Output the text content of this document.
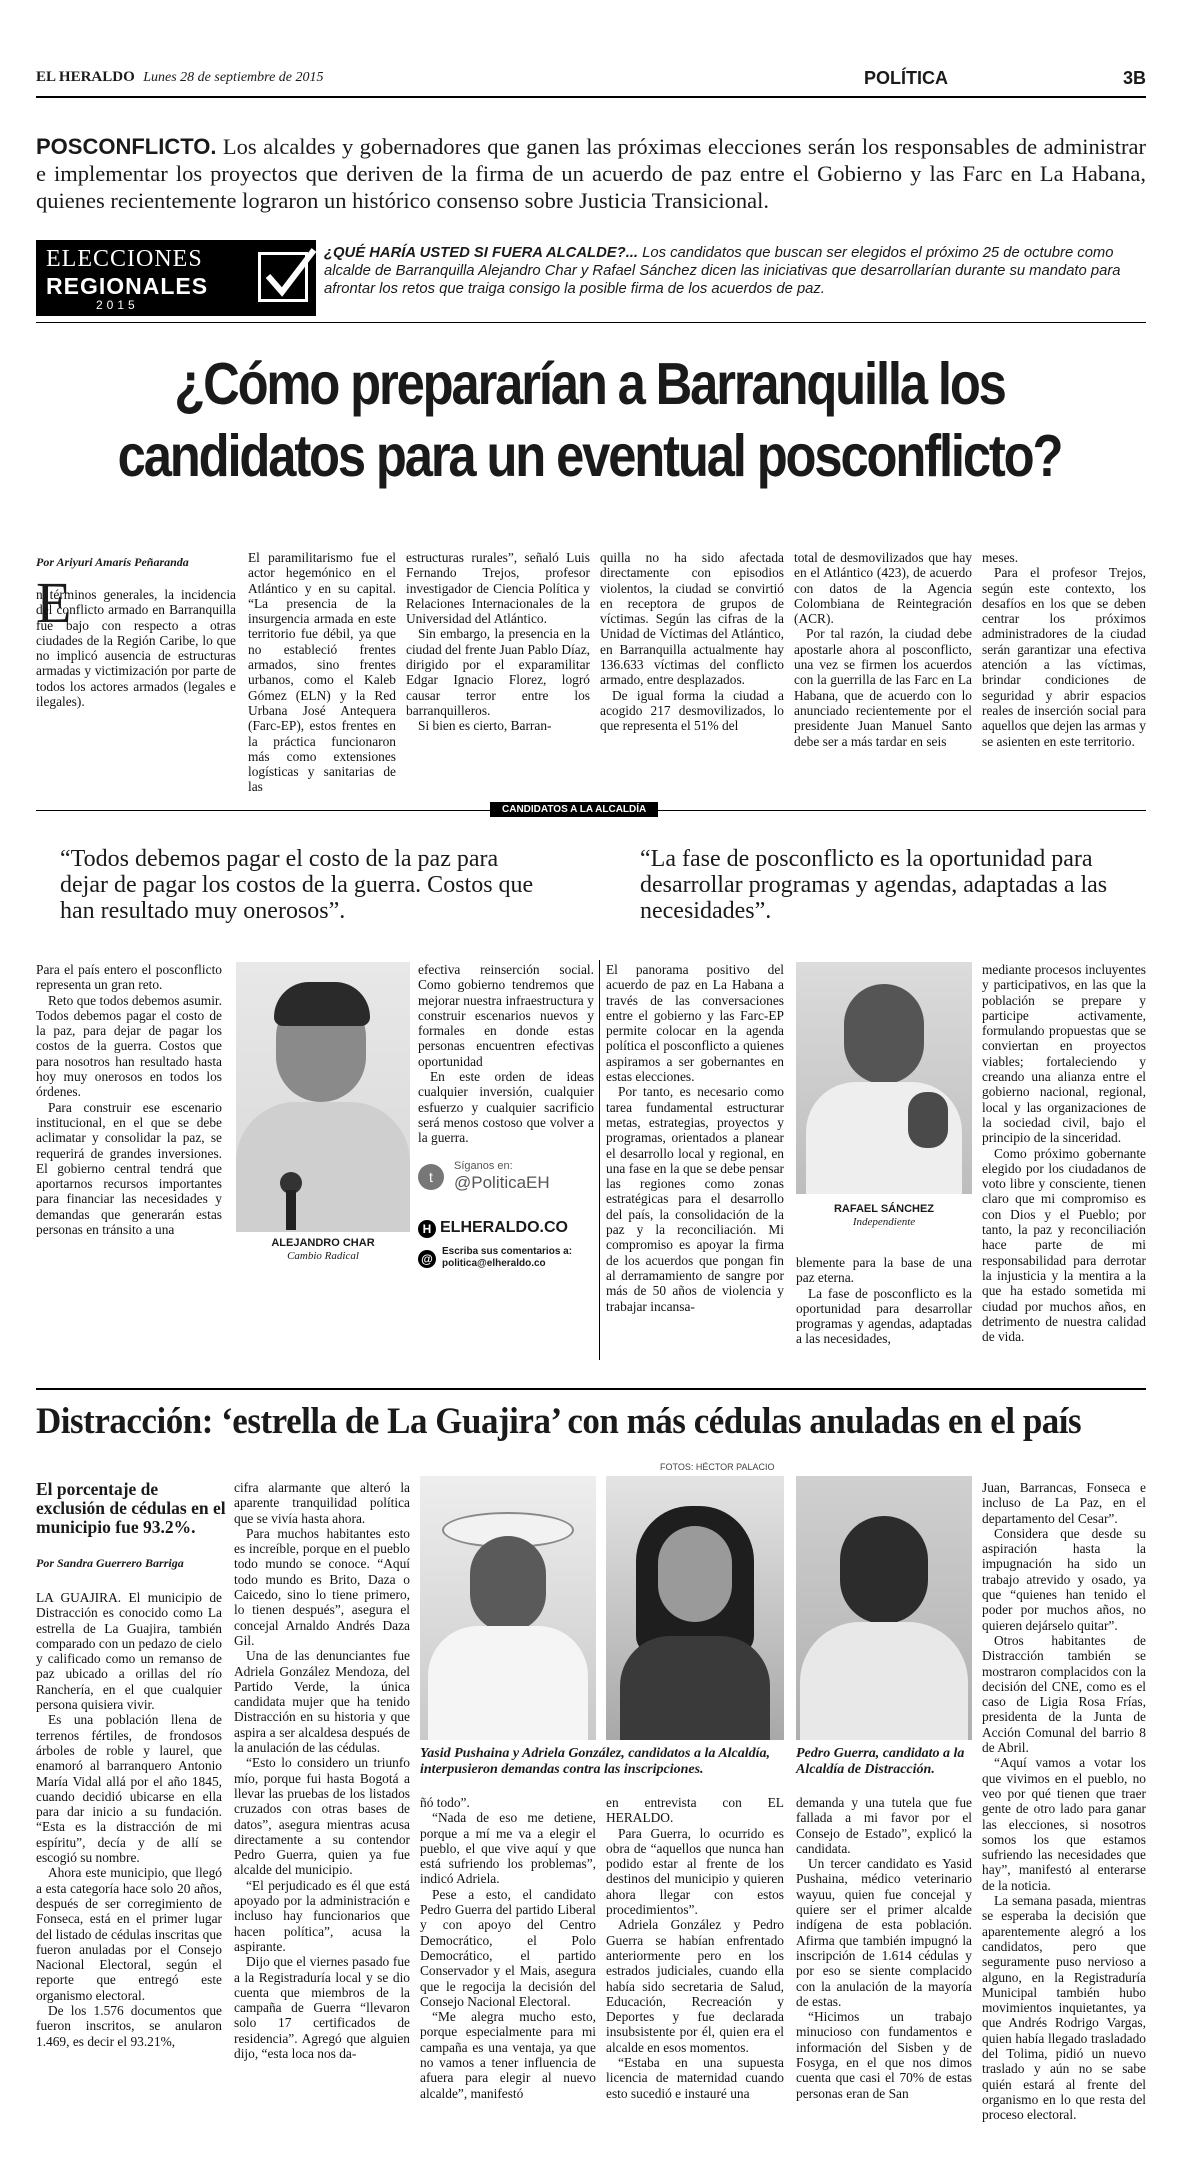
EL HERALDO Lunes 28 de septiembre de 2015	POLÍTICA	3B
POSCONFLICTO. Los alcaldes y gobernadores que ganen las próximas elecciones serán los responsables de administrar e implementar los proyectos que deriven de la firma de un acuerdo de paz entre el Gobierno y las Farc en La Habana, quienes recientemente lograron un histórico consenso sobre Justicia Transicional.
ELECCIONES
REGIONALES
2015
¿QUÉ HARÍA USTED SI FUERA ALCALDE?... Los candidatos que buscan ser elegidos el próximo 25 de octubre como alcalde de Barranquilla Alejandro Char y Rafael Sánchez dicen las iniciativas que desarrollarían durante su mandato para afrontar los retos que traiga consigo la posible firma de los acuerdos de paz.
¿Cómo prepararían a Barranquilla los
candidatos para un eventual posconflicto?
Por Ariyuri Amarís Peñaranda
E

n términos generales, la incidencia del conflicto armado en Barranquilla fue bajo con respecto a otras ciudades de la Región Caribe, lo que no implicó ausencia de estructuras armadas y victimización por parte de todos los actores armados (legales e ilegales).

El paramilitarismo fue el actor hegemónico en el Atlántico y en su capital. “La presencia de la insurgencia armada en este territorio fue débil, ya que no estableció frentes armados, sino frentes urbanos, como el Kaleb Gómez (ELN) y la Red Urbana José Antequera (Farc-EP), estos frentes en la práctica funcionaron más como extensiones logísticas y sanitarias de las

estructuras rurales”, señaló Luis Fernando Trejos, profesor investigador de Ciencia Política y Relaciones Internacionales de la Universidad del Atlántico.

Sin embargo, la presencia en la ciudad del frente Juan Pablo Díaz, dirigido por el exparamilitar Edgar Ignacio Florez, logró causar terror entre los barranquilleros.

Si bien es cierto, Barran-

quilla no ha sido afectada directamente con episodios violentos, la ciudad se convirtió en receptora de grupos de víctimas. Según las cifras de la Unidad de Víctimas del Atlántico, en Barranquilla actualmente hay 136.633 víctimas del conflicto armado, entre desplazados.

De igual forma la ciudad a acogido 217 desmovilizados, lo que representa el 51% del

total de desmovilizados que hay en el Atlántico (423), de acuerdo con datos de la Agencia Colombiana de Reintegración (ACR).

Por tal razón, la ciudad debe apostarle ahora al posconflicto, una vez se firmen los acuerdos con la guerrilla de las Farc en La Habana, que de acuerdo con lo anunciado recientemente por el presidente Juan Manuel Santo debe ser a más tardar en seis

meses.

Para el profesor Trejos, según este contexto, los desafíos en los que se deben centrar los próximos administradores de la ciudad serán garantizar una efectiva atención a las víctimas, brindar condiciones de seguridad y abrir espacios reales de inserción social para aquellos que dejen las armas y se asienten en este territorio.

CANDIDATOS A LA ALCALDÍA
“Todos debemos pagar el costo de la paz para dejar de pagar los costos de la guerra. Costos que han resultado muy onerosos”.
“La fase de posconflicto es la oportunidad para desarrollar programas y agendas, adaptadas a las necesidades”.

Para el país entero el posconflicto representa un gran reto.

Reto que todos debemos asumir. Todos debemos pagar el costo de la paz, para dejar de pagar los costos de la guerra. Costos que para nosotros han resultado hasta hoy muy onerosos en todos los órdenes.

Para construir ese escenario institucional, en el que se debe aclimatar y consolidar la paz, se requerirá de grandes inversiones. El gobierno central tendrá que aportarnos recursos importantes para financiar las necesidades y demandas que generarán estas personas en tránsito a una

ALEJANDRO CHAR
Cambio Radical

efectiva reinserción social. Como gobierno tendremos que mejorar nuestra infraestructura y construir escenarios nuevos y formales en donde estas personas encuentren efectivas oportunidad

En este orden de ideas cualquier inversión, cualquier esfuerzo y cualquier sacrificio será menos costoso que volver a la guerra.

t
Síganos en:
@PoliticaEH
H ELHERALDO.CO
@
Escriba sus comentarios a:
politica@elheraldo.co

El panorama positivo del acuerdo de paz en La Habana a través de las conversaciones entre el gobierno y las Farc-EP permite colocar en la agenda política el posconflicto a quienes aspiramos a ser gobernantes en estas elecciones.

Por tanto, es necesario como tarea fundamental estructurar metas, estrategias, proyectos y programas, orientados a planear el desarrollo local y regional, en una fase en la que se debe pensar las regiones como zonas estratégicas para el desarrollo del país, la consolidación de la paz y la reconciliación. Mi compromiso es apoyar la firma de los acuerdos que pongan fin al derramamiento de sangre por más de 50 años de violencia y trabajar incansa-

RAFAEL SÁNCHEZ
Independiente

blemente para la base de una paz eterna.

La fase de posconflicto es la oportunidad para desarrollar programas y agendas, adaptadas a las necesidades,

mediante procesos incluyentes y participativos, en las que la población se prepare y participe activamente, formulando propuestas que se conviertan en proyectos viables; fortaleciendo y creando una alianza entre el gobierno nacional, regional, local y las organizaciones de la sociedad civil, bajo el principio de la sinceridad.

Como próximo gobernante elegido por los ciudadanos de voto libre y consciente, tienen claro que mi compromiso es con Dios y el Pueblo; por tanto, la paz y reconciliación hace parte de mi responsabilidad para derrotar la injusticia y la mentira a la que ha estado sometida mi ciudad por muchos años, en detrimento de nuestra calidad de vida.

Distracción: ‘estrella de La Guajira’ con más cédulas anuladas en el país
El porcentaje de exclusión de cédulas en el municipio fue 93.2%.
Por Sandra Guerrero Barriga

LA GUAJIRA. El municipio de Distracción es conocido como La estrella de La Guajira, también comparado con un pedazo de cielo y calificado como un remanso de paz ubicado a orillas del río Ranchería, en el que cualquier persona quisiera vivir.

Es una población llena de terrenos fértiles, de frondosos árboles de roble y laurel, que enamoró al barranquero Antonio María Vidal allá por el año 1845, cuando decidió ubicarse en ella para dar inicio a su fundación. “Esta es la distracción de mi espíritu”, decía y de allí se escogió su nombre.

Ahora este municipio, que llegó a esta categoría hace solo 20 años, después de ser corregimiento de Fonseca, está en el primer lugar del listado de cédulas inscritas que fueron anuladas por el Consejo Nacional Electoral, según el reporte que entregó este organismo electoral.

De los 1.576 documentos que fueron inscritos, se anularon 1.469, es decir el 93.21%,

cifra alarmante que alteró la aparente tranquilidad política que se vivía hasta ahora.

Para muchos habitantes esto es increíble, porque en el pueblo todo mundo se conoce. “Aquí todo mundo es Brito, Daza o Caicedo, sino lo tiene primero, lo tienen después”, asegura el concejal Arnaldo Andrés Daza Gil.

Una de las denunciantes fue Adriela González Mendoza, del Partido Verde, la única candidata mujer que ha tenido Distracción en su historia y que aspira a ser alcaldesa después de la anulación de las cédulas.

“Esto lo considero un triunfo mío, porque fui hasta Bogotá a llevar las pruebas de los listados cruzados con otras bases de datos”, asegura mientras acusa directamente a su contendor Pedro Guerra, quien ya fue alcalde del municipio.

“El perjudicado es él que está apoyado por la administración e incluso hay funcionarios que hacen política”, acusa la aspirante.

Dijo que el viernes pasado fue a la Registraduría local y se dio cuenta que miembros de la campaña de Guerra “llevaron solo 17 certificados de residencia”. Agregó que alguien dijo, “esta loca nos da-

FOTOS: HÉCTOR PALACIO
Yasid Pushaina y Adriela González, candidatos a la Alcaldía, interpusieron demandas contra las inscripciones.
Pedro Guerra, candidato a la Alcaldía de Distracción.

ñó todo”.

“Nada de eso me detiene, porque a mí me va a elegir el pueblo, el que vive aquí y que está sufriendo los problemas”, indicó Adriela.

Pese a esto, el candidato Pedro Guerra del partido Liberal y con apoyo del Centro Democrático, el Polo Democrático, el partido Conservador y el Mais, asegura que le regocija la decisión del Consejo Nacional Electoral.

“Me alegra mucho esto, porque especialmente para mi campaña es una ventaja, ya que no vamos a tener influencia de afuera para elegir al nuevo alcalde”, manifestó

en entrevista con EL HERALDO.

Para Guerra, lo ocurrido es obra de “aquellos que nunca han podido estar al frente de los destinos del municipio y quieren ahora llegar con estos procedimientos”.

Adriela González y Pedro Guerra se habían enfrentado anteriormente pero en los estrados judiciales, cuando ella había sido secretaria de Salud, Educación, Recreación y Deportes y fue declarada insubsistente por él, quien era el alcalde en esos momentos.

“Estaba en una supuesta licencia de maternidad cuando esto sucedió e instauré una

demanda y una tutela que fue fallada a mi favor por el Consejo de Estado”, explicó la candidata.

Un tercer candidato es Yasid Pushaina, médico veterinario wayuu, quien fue concejal y quiere ser el primer alcalde indígena de esta población. Afirma que también impugnó la inscripción de 1.614 cédulas y por eso se siente complacido con la anulación de la mayoría de estas.

“Hicimos un trabajo minucioso con fundamentos e información del Sisben y de Fosyga, en el que nos dimos cuenta que casi el 70% de estas personas eran de San

Juan, Barrancas, Fonseca e incluso de La Paz, en el departamento del Cesar”.

Considera que desde su aspiración hasta la impugnación ha sido un trabajo atrevido y osado, ya que “quienes han tenido el poder por muchos años, no quieren dejárselo quitar”.

Otros habitantes de Distracción también se mostraron complacidos con la decisión del CNE, como es el caso de Ligia Rosa Frías, presidenta de la Junta de Acción Comunal del barrio 8 de Abril.

“Aquí vamos a votar los que vivimos en el pueblo, no veo por qué tienen que traer gente de otro lado para ganar las elecciones, si nosotros somos los que estamos sufriendo las necesidades que hay”, manifestó al enterarse de la noticia.

La semana pasada, mientras se esperaba la decisión que aparentemente alegró a los candidatos, pero que seguramente puso nervioso a alguno, en la Registraduría Municipal también hubo movimientos inquietantes, ya que Andrés Rodrigo Vargas, quien había llegado trasladado del Tolima, pidió un nuevo traslado y aún no se sabe quién estará al frente del organismo en lo que resta del proceso electoral.
